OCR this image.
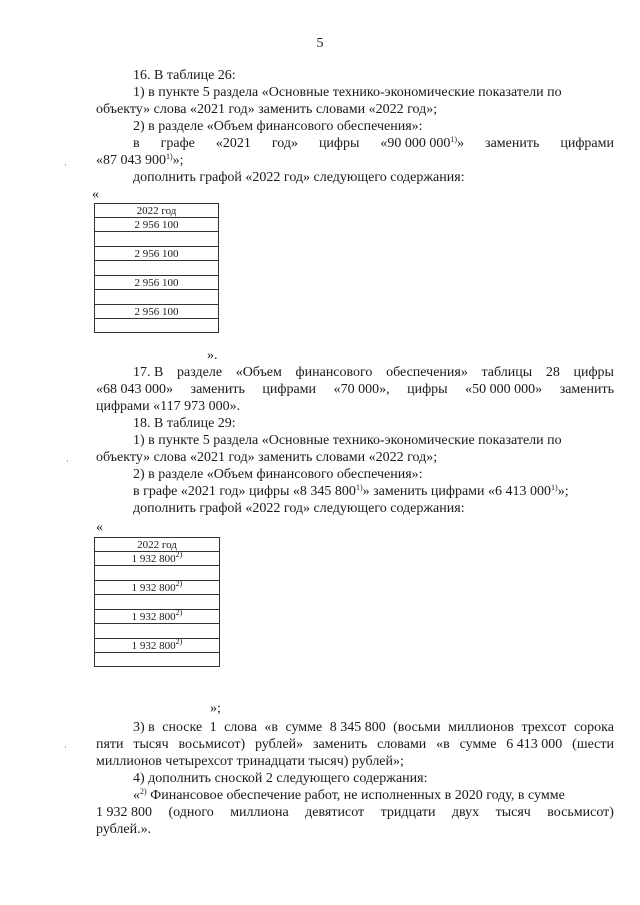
5
16. В таблице 26:
1) в пункте 5 раздела «Основные технико-экономические показатели по
объекту» слова «2021 год» заменить словами «2022 год»;
2) в разделе «Объем финансового обеспечения»:
в графе «2021 год» цифры «90 000 000$^{1)}$» заменить цифрами
«87 043 900$^{1)}$»;
дополнить графой «2022 год» следующего содержания:
«
2022 год
2 956 100
2 956 100
2 956 100
2 956 100
».
17. В разделе «Объем финансового обеспечения» таблицы 28 цифры
«68 043 000» заменить цифрами «70 000», цифры «50 000 000» заменить
цифрами «117 973 000».
18. В таблице 29:
1) в пункте 5 раздела «Основные технико-экономические показатели по
объекту» слова «2021 год» заменить словами «2022 год»;
2) в разделе «Объем финансового обеспечения»:
в графе «2021 год» цифры «8 345 800$^{1)}$» заменить цифрами «6 413 000$^{1)}$»;
дополнить графой «2022 год» следующего содержания:
«
2022 год
1 932 800$^{2)}$
1 932 800$^{2)}$
1 932 800$^{2)}$
1 932 800$^{2)}$
»;
3) в сноске 1 слова «в сумме 8 345 800 (восьми миллионов трехсот сорока
пяти тысяч восьмисот) рублей» заменить словами «в сумме 6 413 000 (шести
миллионов четырехсот тринадцати тысяч) рублей»;
4) дополнить сноской 2 следующего содержания:
«$^{2)}$ Финансовое обеспечение работ, не исполненных в 2020 году, в сумме
1 932 800 (одного миллиона девятисот тридцати двух тысяч восьмисот)
рублей.».
·
·
·
